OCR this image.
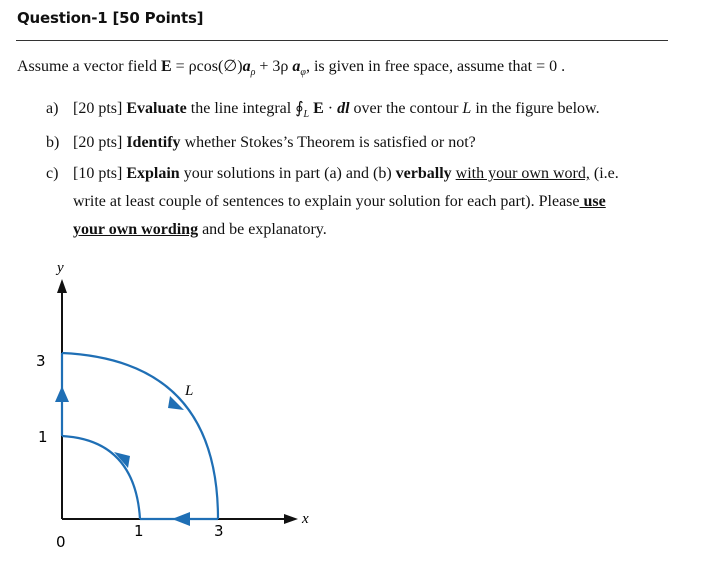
Question-1 [50 Points]
Assume a vector field $E = \rho\cos(\emptyset)a_\rho + 3\rho$ $a_\varphi$, is given in free space, assume that = 0 .
a) [20 pts] Evaluate the line integral $∮_L$ E · dl over the contour L in the figure below.
b) [20 pts] Identify whether Stokes’s Theorem is satisfied or not?
c) [10 pts] Explain your solutions in part (a) and (b) verbally with your own word, (i.e.
write at least couple of sentences to explain your solution for each part). Please use
your own wording and be explanatory.
y
x
3
1
0
1	3
L
